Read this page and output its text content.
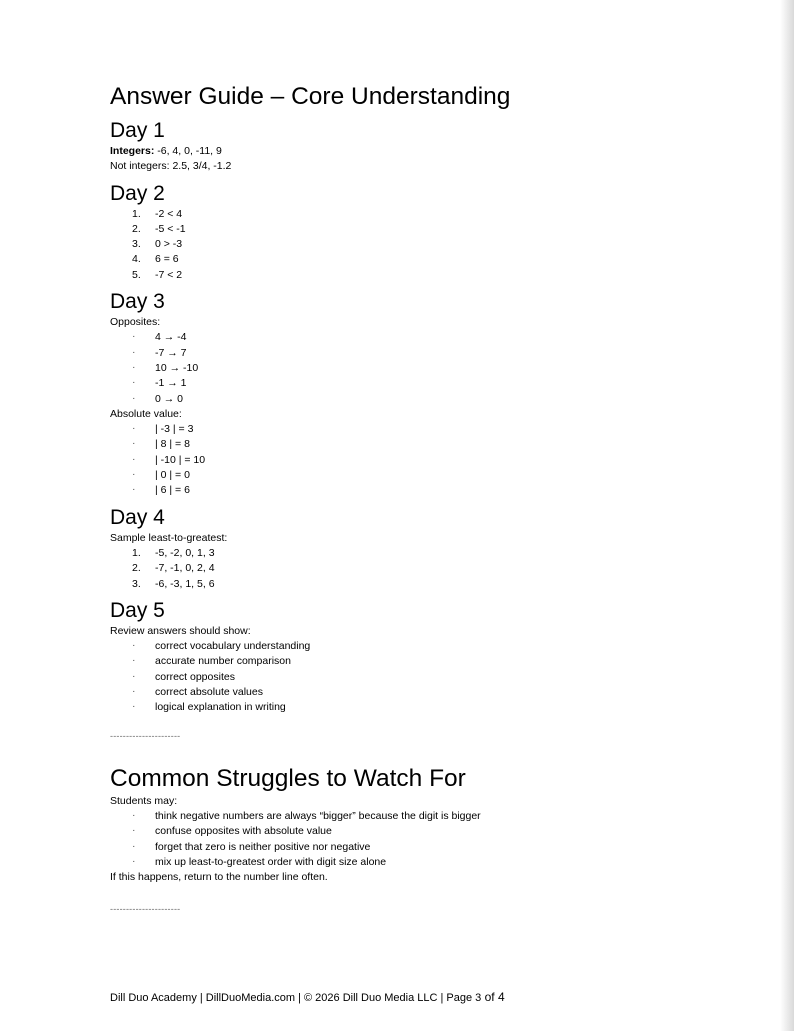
Answer Guide – Core Understanding
Day 1

Integers: -6, 4, 0, -11, 9

Not integers: 2.5, 3/4, -1.2

Day 2
1. -2 < 4
2. -5 < -1
3. 0 > -3
4. 6 = 6
5. -7 < 2
Day 3

Opposites:

· 4 → -4
· -7 → 7
· 10 → -10
· -1 → 1
· 0 → 0

Absolute value:

· | -3 | = 3
· | 8 | = 8
· | -10 | = 10
· | 0 | = 0
· | 6 | = 6
Day 4

Sample least-to-greatest:

1. -5, -2, 0, 1, 3
2. -7, -1, 0, 2, 4
3. -6, -3, 1, 5, 6
Day 5

Review answers should show:

· correct vocabulary understanding
· accurate number comparison
· correct opposites
· correct absolute values
· logical explanation in writing

----------------------

Common Struggles to Watch For

Students may:

· think negative numbers are always “bigger” because the digit is bigger
· confuse opposites with absolute value
· forget that zero is neither positive nor negative
· mix up least-to-greatest order with digit size alone

If this happens, return to the number line often.

----------------------

Dill Duo Academy | DillDuoMedia.com | © 2026 Dill Duo Media LLC | Page 3 of 4
